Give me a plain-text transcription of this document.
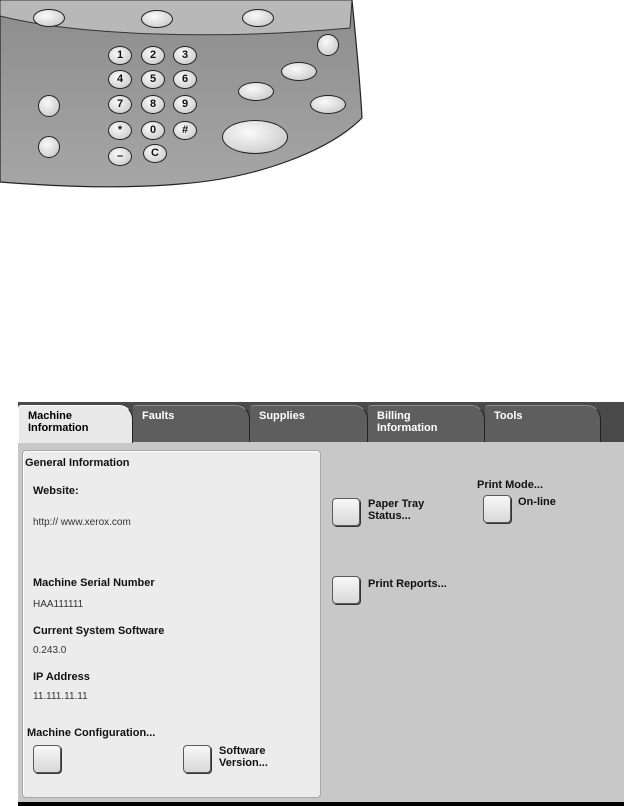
1	2	3
4	5	6
7	8	9
*	0	#
–	C
Machine
Information
Faults	Supplies	Billing
Information
Tools
General Information
Website:
http:// www.xerox.com
Machine Serial Number
HAA111111
Current System Software
0.243.0
IP Address
11.111.11.11
Machine Configuration...
Software
Version...
Paper Tray
Status...
Print Reports...
Print Mode...
On-line
